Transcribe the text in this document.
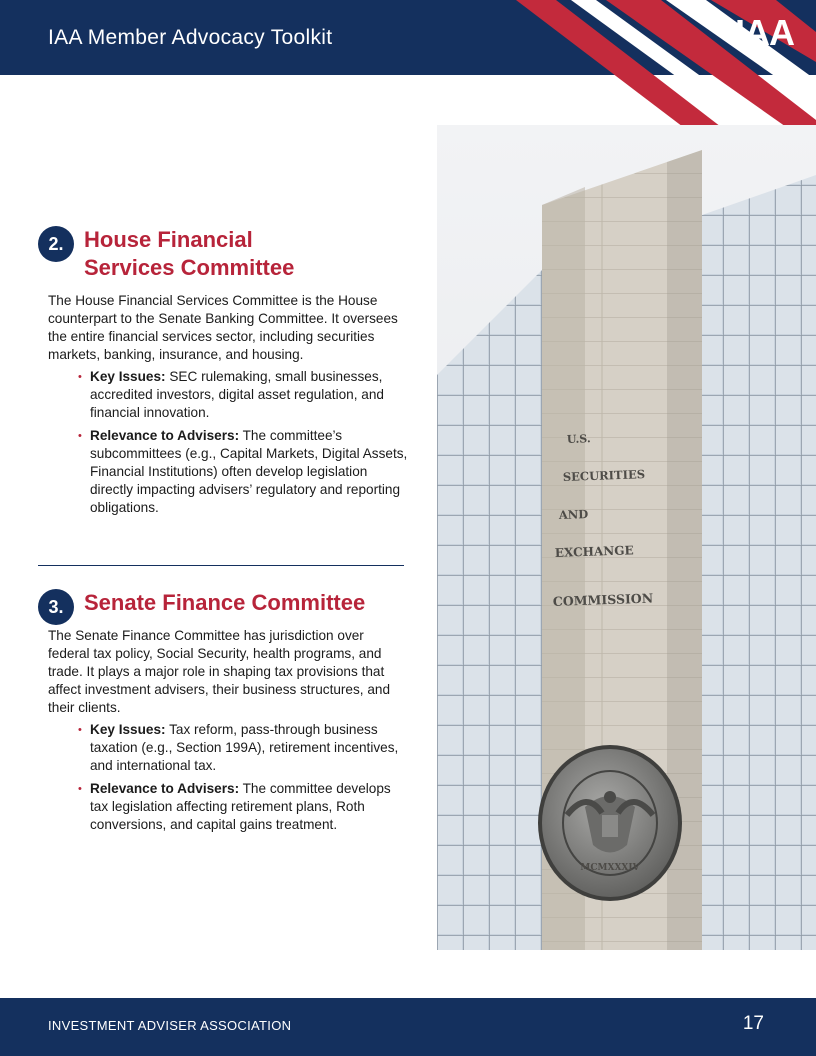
IAA Member Advocacy Toolkit	IAA
2. House Financial
Services Committee

The House Financial Services Committee is the House counterpart to the Senate Banking Committee. It oversees the entire financial services sector, including securities markets, banking, insurance, and housing.

• Key Issues: SEC rulemaking, small businesses, accredited investors, digital asset regulation, and financial innovation.
• Relevance to Advisers: The committee’s subcommittees (e.g., Capital Markets, Digital Assets, Financial Institutions) often develop legislation directly impacting advisers’ regulatory and reporting obligations.
3. Senate Finance Committee

The Senate Finance Committee has jurisdiction over federal tax policy, Social Security, health programs, and trade. It plays a major role in shaping tax provisions that affect investment advisers, their business structures, and their clients.

• Key Issues: Tax reform, pass-through business taxation (e.g., Section 199A), retirement incentives, and international tax.
• Relevance to Advisers: The committee develops tax legislation affecting retirement plans, Roth conversions, and capital gains treatment.
U.S.
SECURITIES
AND
EXCHANGE
COMMISSION
MCMXXXIV
INVESTMENT ADVISER ASSOCIATION	17
